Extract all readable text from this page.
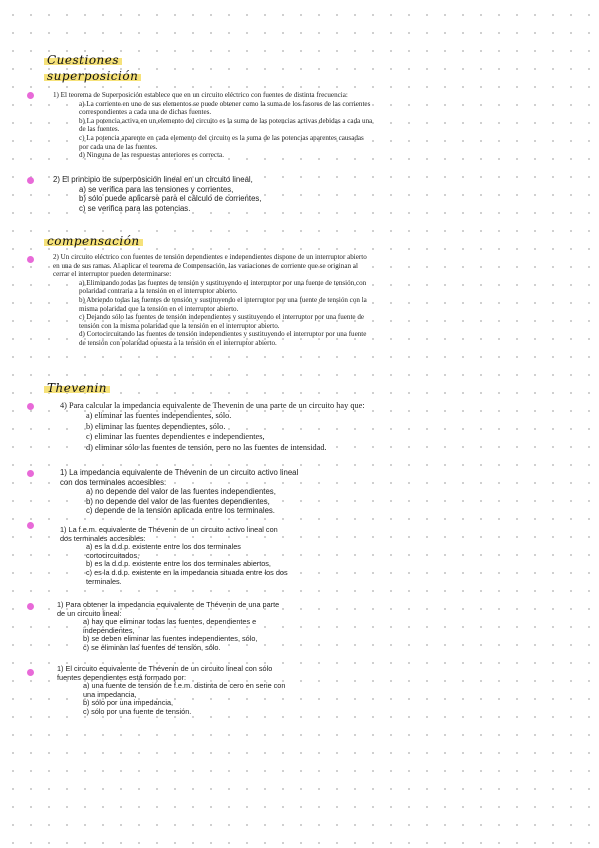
Cuestiones
superposición
compensación
Thevenin

1) El teorema de Superposición establece que en un circuito eléctrico con fuentes de distinta frecuencia:

a) La corriente en uno de sus elementos se puede obtener como la suma de los fasores de las corrientes

correspondientes a cada una de dichas fuentes.

b) La potencia activa en un elemento del circuito es la suma de las potencias activas debidas a cada una

de las fuentes.

c) La potencia aparente en cada elemento del circuito es la suma de las potencias aparentes causadas

por cada una de las fuentes.

d) Ninguna de las respuestas anteriores es correcta.

2) El principio de superposición lineal en un circuito lineal,

a) se verifica para las tensiones y corrientes,

b) sólo puede aplicarse para el cálculo de corrientes,

c) se verifica para las potencias.

2) Un circuito eléctrico con fuentes de tensión dependientes e independientes dispone de un interruptor abierto

en una de sus ramas. Al aplicar el teorema de Compensación, las variaciones de corriente que se originan al

cerrar el interruptor pueden determinarse:

a) Eliminando todas las fuentes de tensión y sustituyendo el interruptor por una fuente de tensión con

polaridad contraria a la tensión en el interruptor abierto.

b) Abriendo todas las fuentes de tensión y sustituyendo el interruptor por una fuente de tensión con la

misma polaridad que la tensión en el interruptor abierto.

c) Dejando sólo las fuentes de tensión independientes y sustituyendo el interruptor por una fuente de

tensión con la misma polaridad que la tensión en el interruptor abierto.

d) Cortocircuitando las fuentes de tensión independientes y sustituyendo el interruptor por una fuente

de tensión con polaridad opuesta a la tensión en el interruptor abierto.

4) Para calcular la impedancia equivalente de Thevenin de una parte de un circuito hay que:

a) eliminar las fuentes independientes, sólo.

b) eliminar las fuentes dependientes, sólo.

c) eliminar las fuentes dependientes e independientes,

d) eliminar sólo las fuentes de tensión, pero no las fuentes de intensidad.

1) La impedancia equivalente de Thévenin de un circuito activo lineal

con dos terminales accesibles:

a) no depende del valor de las fuentes independientes,

b) no depende del valor de las fuentes dependientes,

c) depende de la tensión aplicada entre los terminales.

1) La f.e.m. equivalente de Thévenin de un circuito activo lineal con

dos terminales accesibles:

a) es la d.d.p. existente entre los dos terminales

cortocircuitados,

b) es la d.d.p. existente entre los dos terminales abiertos,

c) es la d.d.p. existente en la impedancia situada entre los dos

terminales.

1) Para obtener la impedancia equivalente de Thévenin de una parte

de un circuito lineal:

a) hay que eliminar todas las fuentes, dependientes e

independientes,

b) se deben eliminar las fuentes independientes, sólo,

c) se eliminan las fuentes de tensión, sólo.

1) El circuito equivalente de Thévenin de un circuito lineal con sólo

fuentes dependientes está formado por:

a) una fuente de tensión de f.e.m. distinta de cero en serie con

una impedancia,

b) sólo por una impedancia,

c) sólo por una fuente de tensión.
